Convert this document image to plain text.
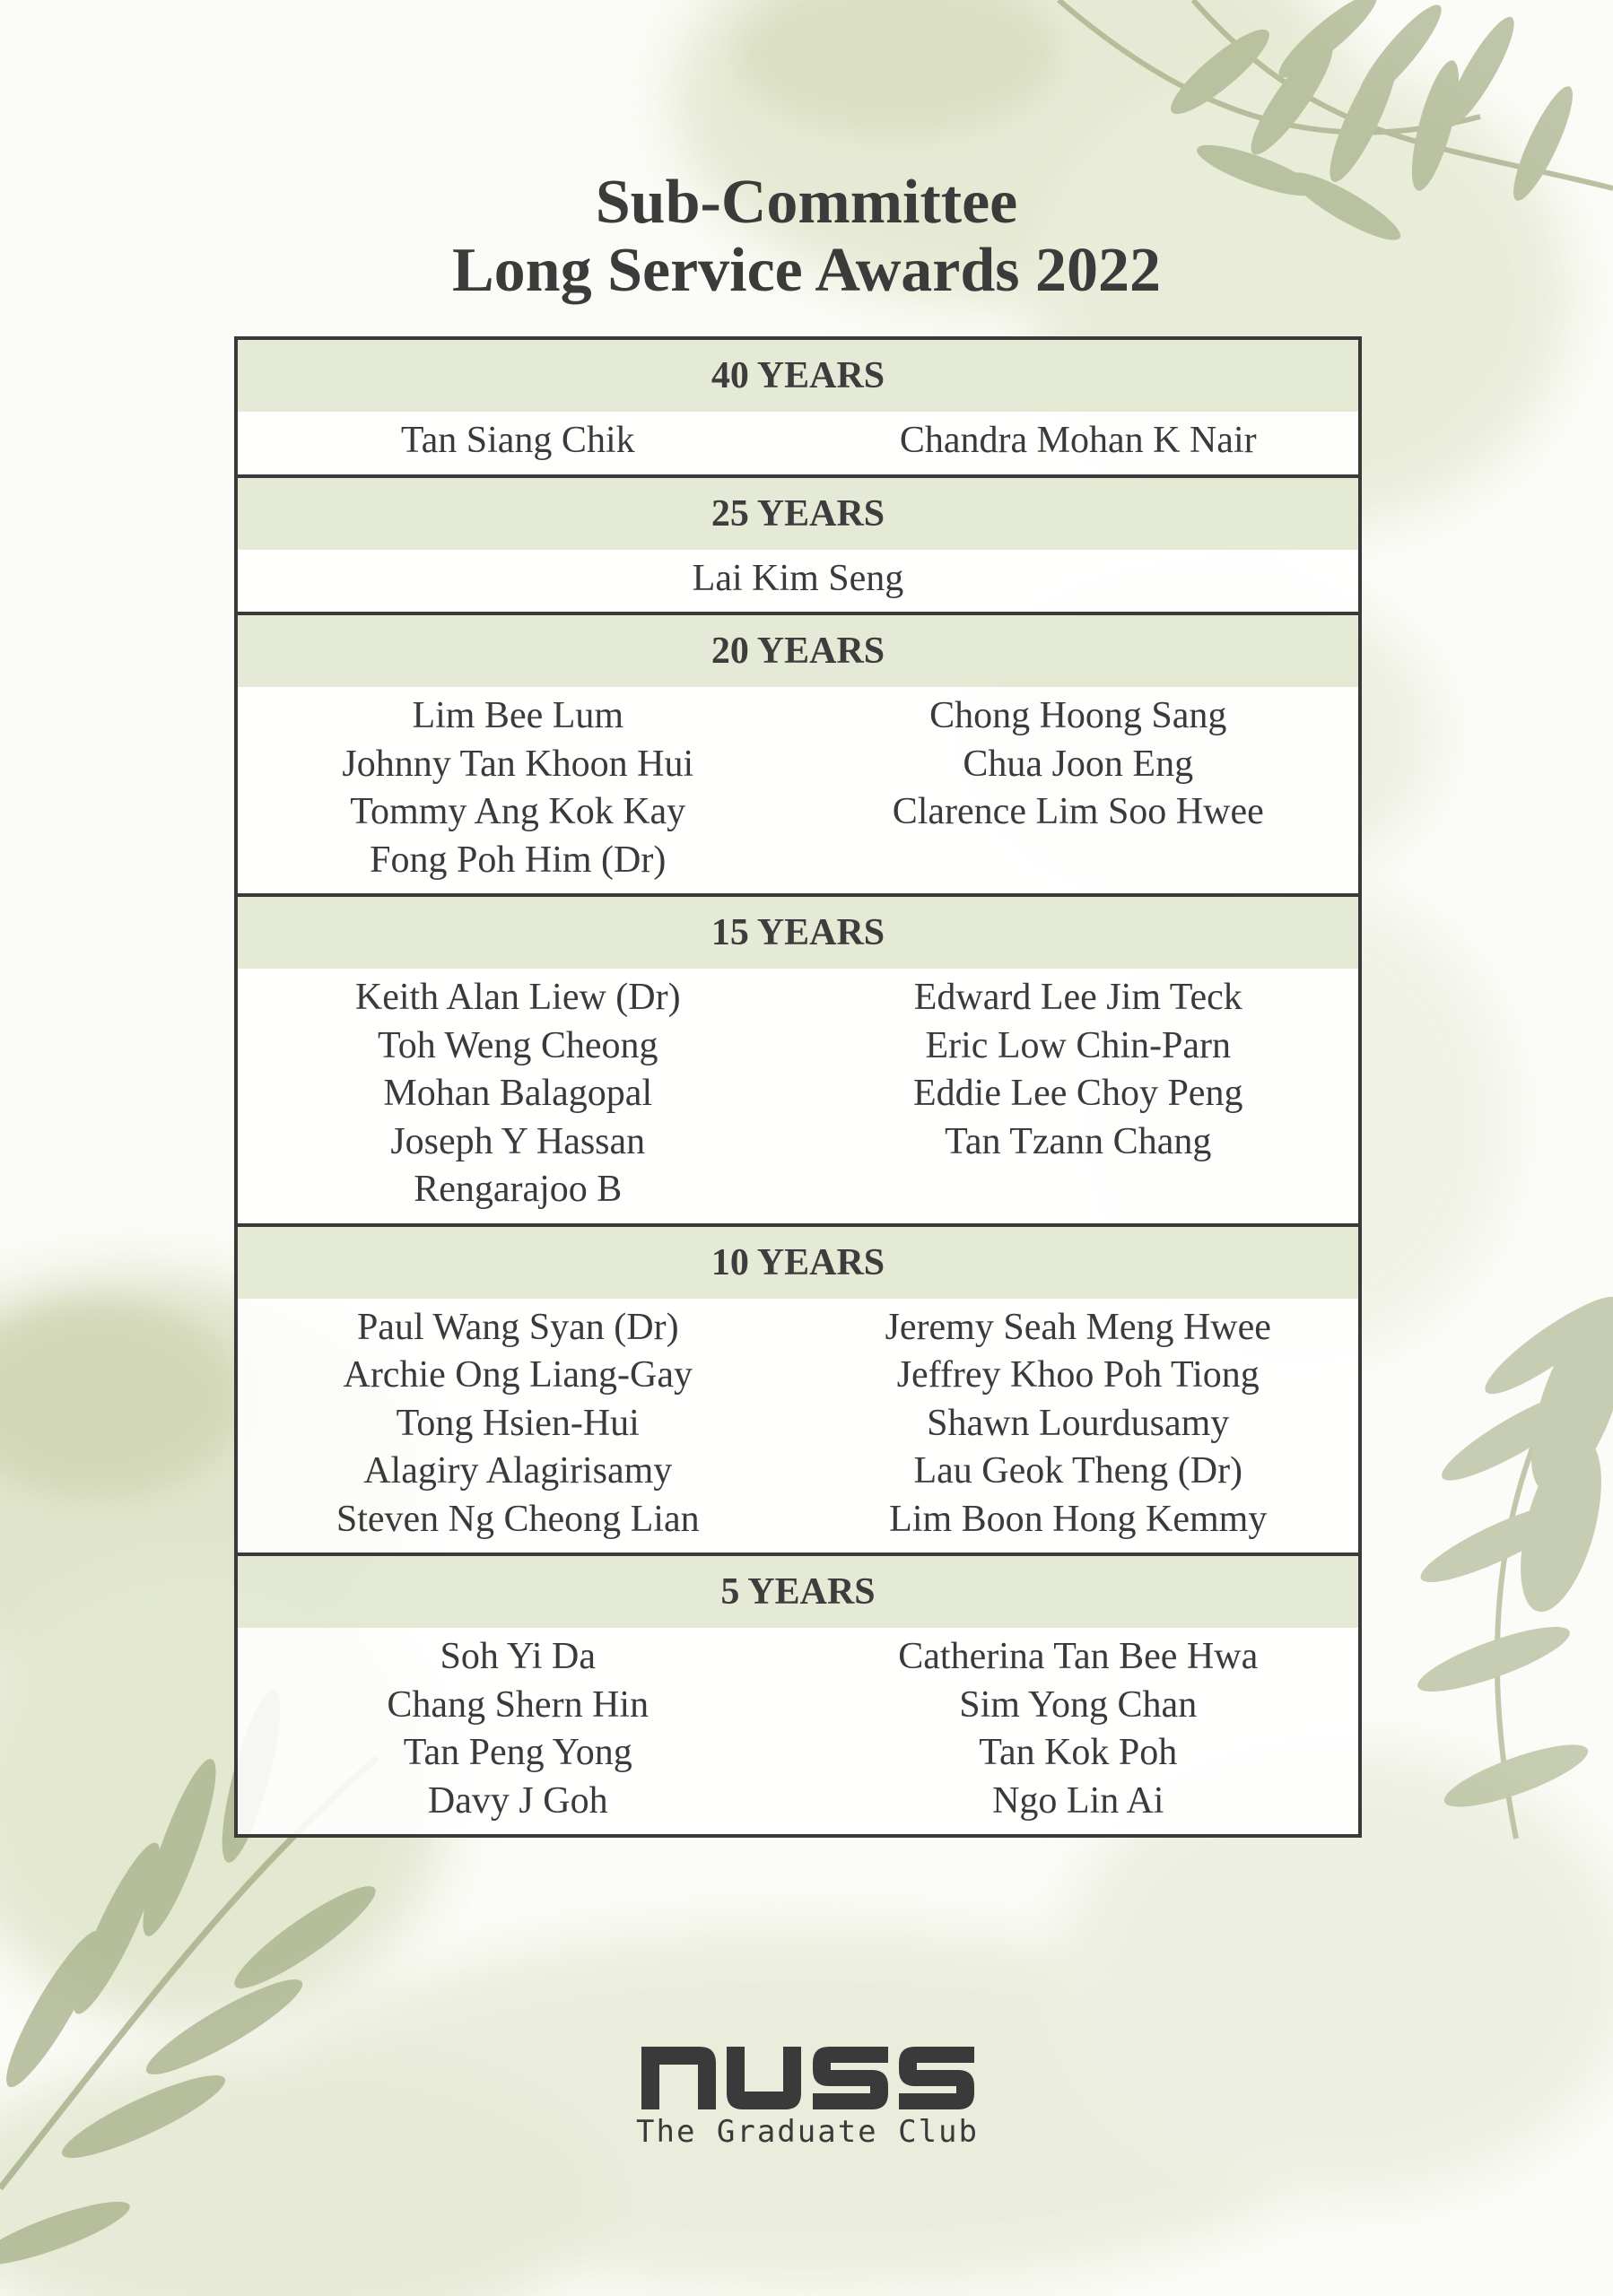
Sub-Committee
Long Service Awards 2022
40 YEARS
Tan Siang Chik	Chandra Mohan K Nair
25 YEARS
Lai Kim Seng
20 YEARS
Lim Bee Lum
Johnny Tan Khoon Hui
Tommy Ang Kok Kay
Fong Poh Him (Dr)
Chong Hoong Sang
Chua Joon Eng
Clarence Lim Soo Hwee
15 YEARS
Keith Alan Liew (Dr)
Toh Weng Cheong
Mohan Balagopal
Joseph Y Hassan
Rengarajoo B
Edward Lee Jim Teck
Eric Low Chin-Parn
Eddie Lee Choy Peng
Tan Tzann Chang
10 YEARS
Paul Wang Syan (Dr)
Archie Ong Liang-Gay
Tong Hsien-Hui
Alagiry Alagirisamy
Steven Ng Cheong Lian
Jeremy Seah Meng Hwee
Jeffrey Khoo Poh Tiong
Shawn Lourdusamy
Lau Geok Theng (Dr)
Lim Boon Hong Kemmy
5 YEARS
Soh Yi Da
Chang Shern Hin
Tan Peng Yong
Davy J Goh
Catherina Tan Bee Hwa
Sim Yong Chan
Tan Kok Poh
Ngo Lin Ai
The Graduate Club
